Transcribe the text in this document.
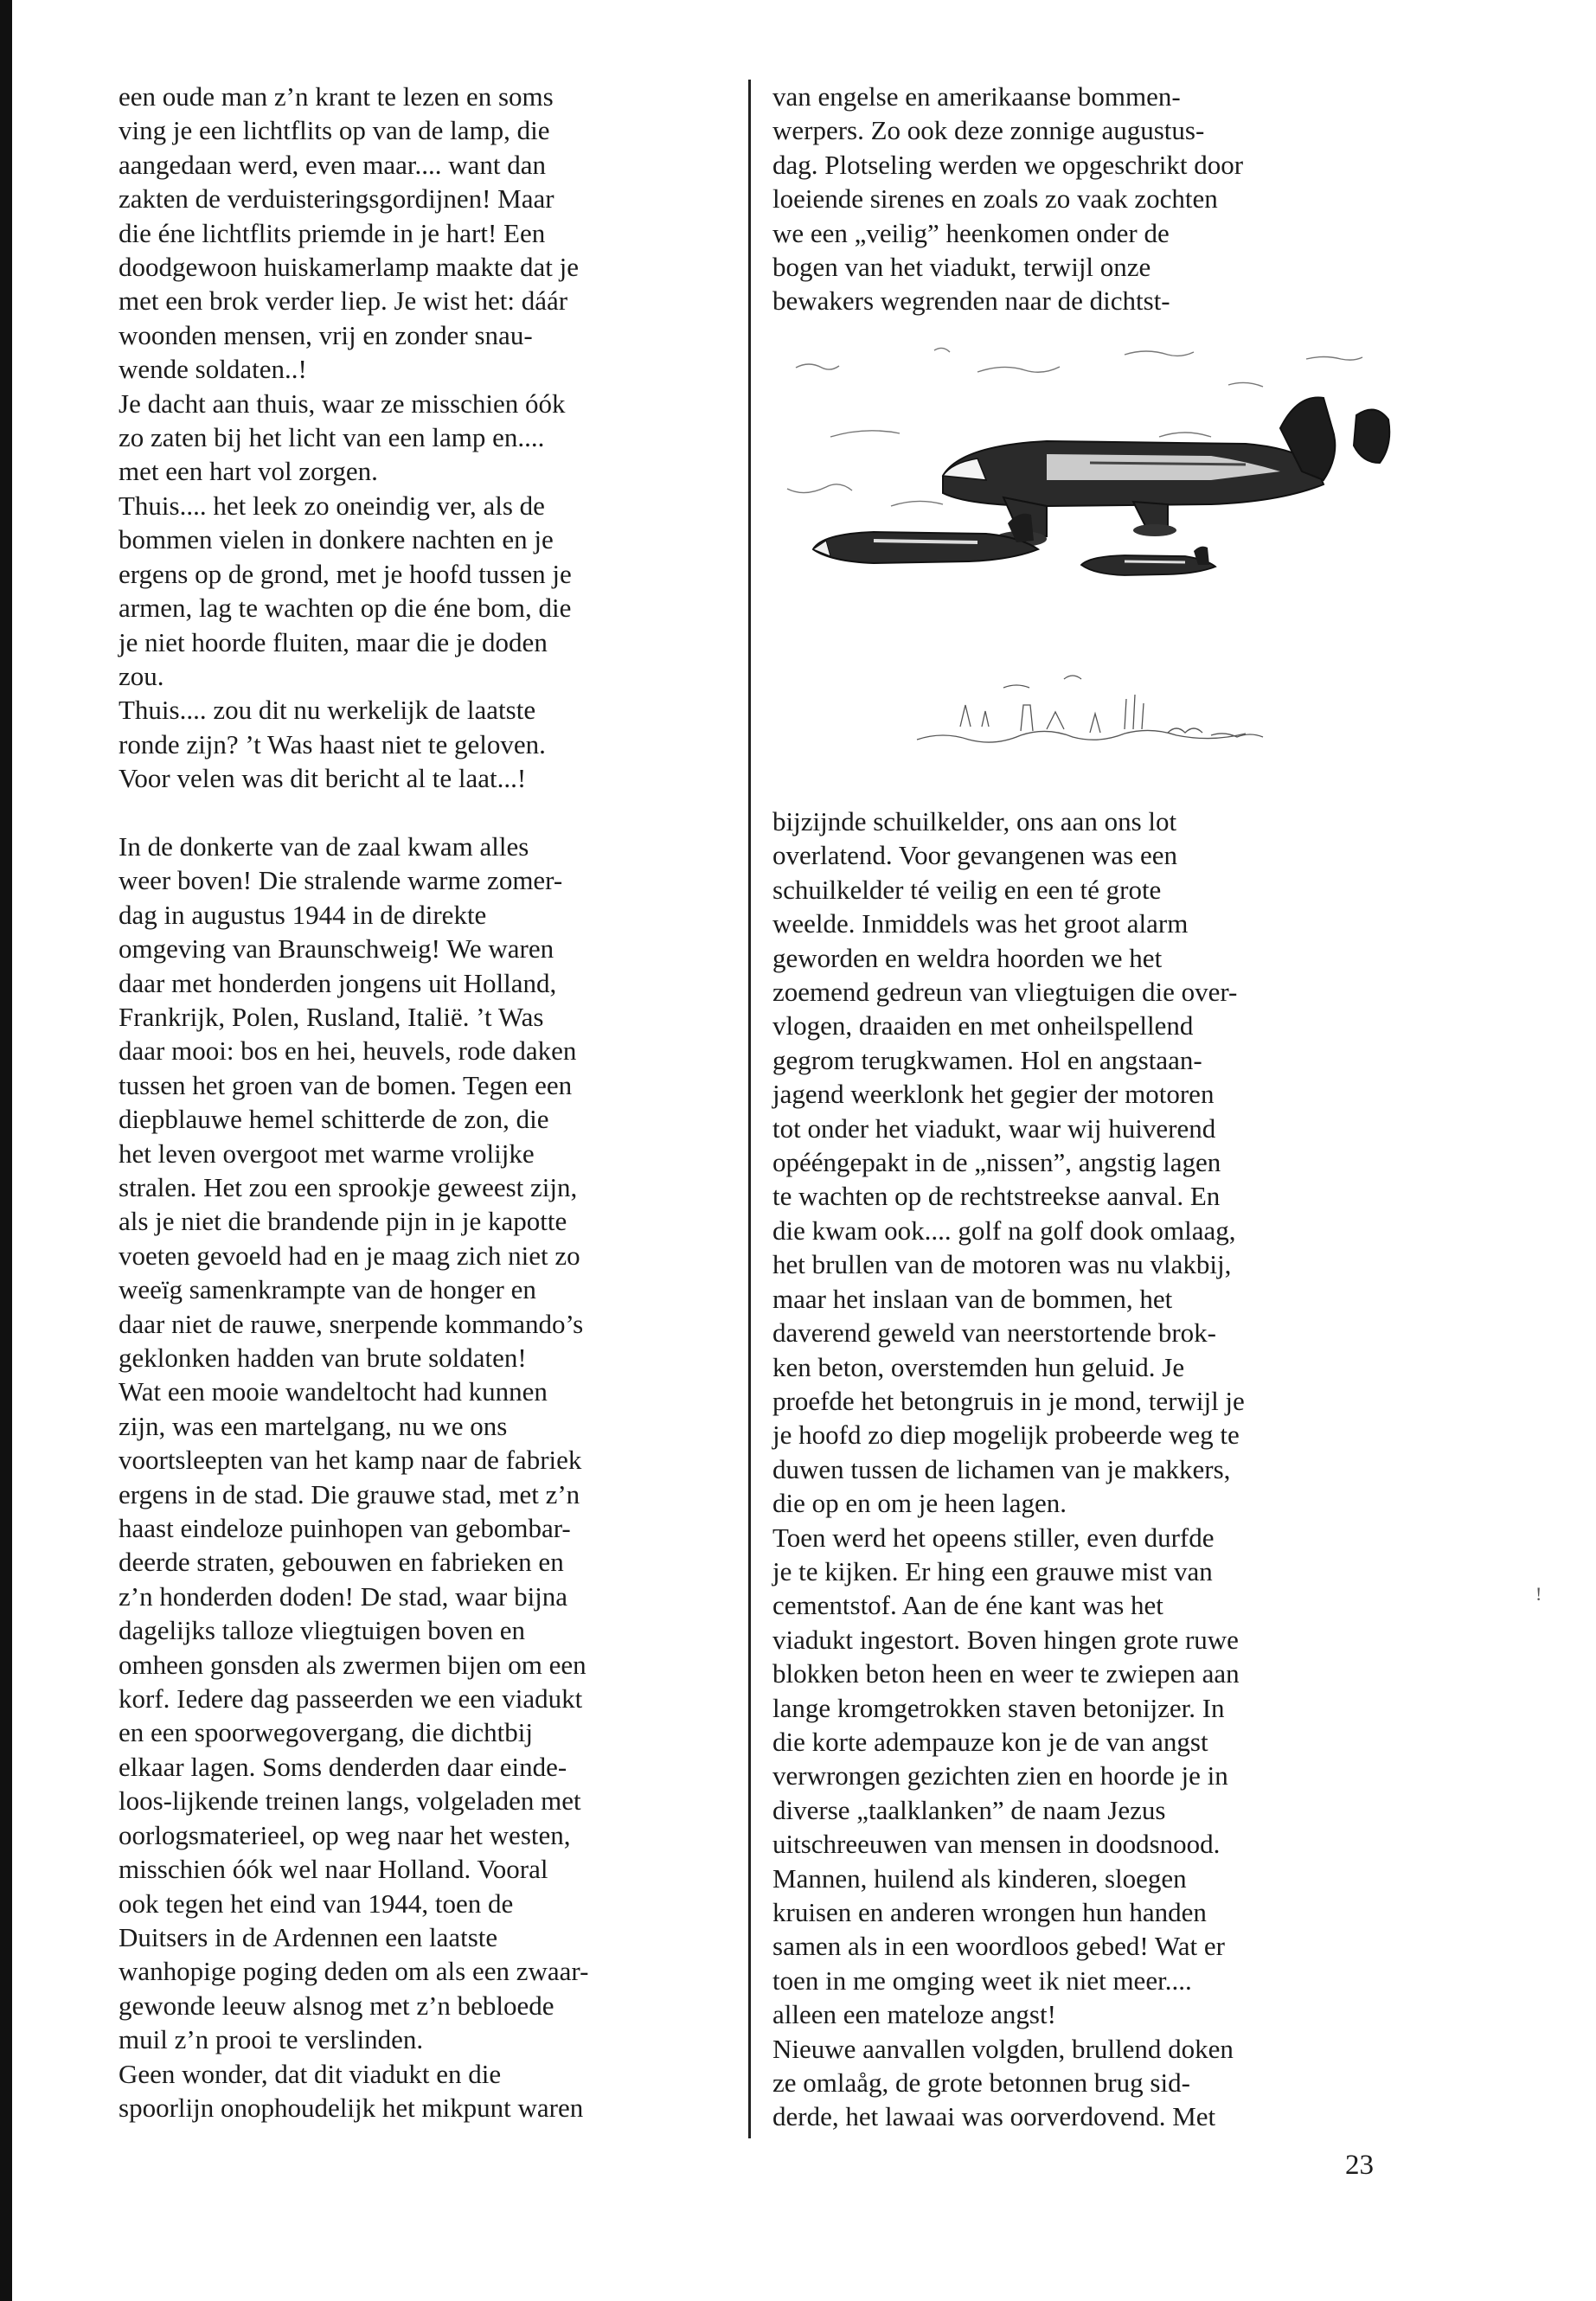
een oude man z’n krant te lezen en soms
ving je een lichtflits op van de lamp, die
aangedaan werd, even maar.... want dan
zakten de verduisteringsgordijnen! Maar
die éne lichtflits priemde in je hart! Een
doodgewoon huiskamerlamp maakte dat je
met een brok verder liep. Je wist het: dáár
woonden mensen, vrij en zonder snau-
wende soldaten..!
Je dacht aan thuis, waar ze misschien óók
zo zaten bij het licht van een lamp en....
met een hart vol zorgen.
Thuis.... het leek zo oneindig ver, als de
bommen vielen in donkere nachten en je
ergens op de grond, met je hoofd tussen je
armen, lag te wachten op die éne bom, die
je niet hoorde fluiten, maar die je doden
zou.
Thuis.... zou dit nu werkelijk de laatste
ronde zijn? ’t Was haast niet te geloven.
Voor velen was dit bericht al te laat...!
In de donkerte van de zaal kwam alles
weer boven! Die stralende warme zomer-
dag in augustus 1944 in de direkte
omgeving van Braunschweig! We waren
daar met honderden jongens uit Holland,
Frankrijk, Polen, Rusland, Italië. ’t Was
daar mooi: bos en hei, heuvels, rode daken
tussen het groen van de bomen. Tegen een
diepblauwe hemel schitterde de zon, die
het leven overgoot met warme vrolijke
stralen. Het zou een sprookje geweest zijn,
als je niet die brandende pijn in je kapotte
voeten gevoeld had en je maag zich niet zo
weeïg samenkrampte van de honger en
daar niet de rauwe, snerpende kommando’s
geklonken hadden van brute soldaten!
Wat een mooie wandeltocht had kunnen
zijn, was een martelgang, nu we ons
voortsleepten van het kamp naar de fabriek
ergens in de stad. Die grauwe stad, met z’n
haast eindeloze puinhopen van gebombar-
deerde straten, gebouwen en fabrieken en
z’n honderden doden! De stad, waar bijna
dagelijks talloze vliegtuigen boven en
omheen gonsden als zwermen bijen om een
korf. Iedere dag passeerden we een viadukt
en een spoorwegovergang, die dichtbij
elkaar lagen. Soms denderden daar einde-
loos-lijkende treinen langs, volgeladen met
oorlogsmaterieel, op weg naar het westen,
misschien óók wel naar Holland. Vooral
ook tegen het eind van 1944, toen de
Duitsers in de Ardennen een laatste
wanhopige poging deden om als een zwaar-
gewonde leeuw alsnog met z’n bebloede
muil z’n prooi te verslinden.
Geen wonder, dat dit viadukt en die
spoorlijn onophoudelijk het mikpunt waren
van engelse en amerikaanse bommen-
werpers. Zo ook deze zonnige augustus-
dag. Plotseling werden we opgeschrikt door
loeiende sirenes en zoals zo vaak zochten
we een „veilig” heenkomen onder de
bogen van het viadukt, terwijl onze
bewakers wegrenden naar de dichtst-
bijzijnde schuilkelder, ons aan ons lot
overlatend. Voor gevangenen was een
schuilkelder té veilig en een té grote
weelde. Inmiddels was het groot alarm
geworden en weldra hoorden we het
zoemend gedreun van vliegtuigen die over-
vlogen, draaiden en met onheilspellend
gegrom terugkwamen. Hol en angstaan-
jagend weerklonk het gegier der motoren
tot onder het viadukt, waar wij huiverend
opééngepakt in de „nissen”, angstig lagen
te wachten op de rechtstreekse aanval. En
die kwam ook.... golf na golf dook omlaag,
het brullen van de motoren was nu vlakbij,
maar het inslaan van de bommen, het
daverend geweld van neerstortende brok-
ken beton, overstemden hun geluid. Je
proefde het betongruis in je mond, terwijl je
je hoofd zo diep mogelijk probeerde weg te
duwen tussen de lichamen van je makkers,
die op en om je heen lagen.
Toen werd het opeens stiller, even durfde
je te kijken. Er hing een grauwe mist van
cementstof. Aan de éne kant was het
viadukt ingestort. Boven hingen grote ruwe
blokken beton heen en weer te zwiepen aan
lange kromgetrokken staven betonijzer. In
die korte adempauze kon je de van angst
verwrongen gezichten zien en hoorde je in
diverse „taalklanken” de naam Jezus
uitschreeuwen van mensen in doodsnood.
Mannen, huilend als kinderen, sloegen
kruisen en anderen wrongen hun handen
samen als in een woordloos gebed! Wat er
toen in me omging weet ik niet meer....
alleen een mateloze angst!
Nieuwe aanvallen volgden, brullend doken
ze omlaåg, de grote betonnen brug sid-
derde, het lawaai was oorverdovend. Met
23
!
